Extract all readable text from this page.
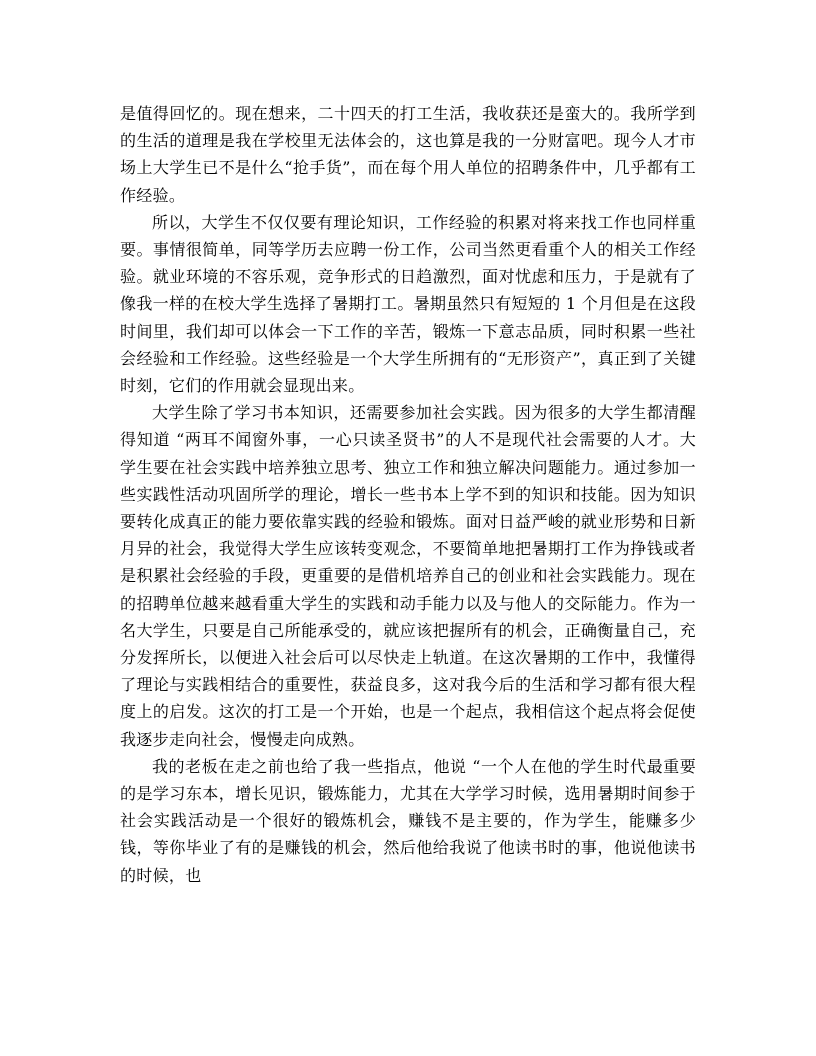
是值得回忆的。现在想来，二十四天的打工生活，我收获还是蛮大的。我所学到的生活的道理是我在学校里无法体会的，这也算是我的一分财富吧。现今人才市场上大学生已不是什么“抢手货”，而在每个用人单位的招聘条件中，几乎都有工作经验。

所以，大学生不仅仅要有理论知识，工作经验的积累对将来找工作也同样重要。事情很简单，同等学历去应聘一份工作，公司当然更看重个人的相关工作经验。就业环境的不容乐观，竞争形式的日趋激烈，面对忧虑和压力，于是就有了像我一样的在校大学生选择了暑期打工。暑期虽然只有短短的 1 个月但是在这段时间里，我们却可以体会一下工作的辛苦，锻炼一下意志品质，同时积累一些社会经验和工作经验。这些经验是一个大学生所拥有的“无形资产”，真正到了关键时刻，它们的作用就会显现出来。

大学生除了学习书本知识，还需要参加社会实践。因为很多的大学生都清醒得知道 “两耳不闻窗外事，一心只读圣贤书”的人不是现代社会需要的人才。大学生要在社会实践中培养独立思考、独立工作和独立解决问题能力。通过参加一些实践性活动巩固所学的理论，增长一些书本上学不到的知识和技能。因为知识要转化成真正的能力要依靠实践的经验和锻炼。面对日益严峻的就业形势和日新月异的社会，我觉得大学生应该转变观念，不要简单地把暑期打工作为挣钱或者是积累社会经验的手段，更重要的是借机培养自己的创业和社会实践能力。现在的招聘单位越来越看重大学生的实践和动手能力以及与他人的交际能力。作为一名大学生，只要是自己所能承受的，就应该把握所有的机会，正确衡量自己，充分发挥所长，以便进入社会后可以尽快走上轨道。在这次暑期的工作中，我懂得了理论与实践相结合的重要性，获益良多，这对我今后的生活和学习都有很大程度上的启发。这次的打工是一个开始，也是一个起点，我相信这个起点将会促使我逐步走向社会，慢慢走向成熟。

我的老板在走之前也给了我一些指点，他说 “一个人在他的学生时代最重要的是学习东本，增长见识，锻炼能力，尤其在大学学习时候，选用暑期时间参于社会实践活动是一个很好的锻炼机会，赚钱不是主要的，作为学生，能赚多少钱，等你毕业了有的是赚钱的机会，然后他给我说了他读书时的事，他说他读书的时候，也
